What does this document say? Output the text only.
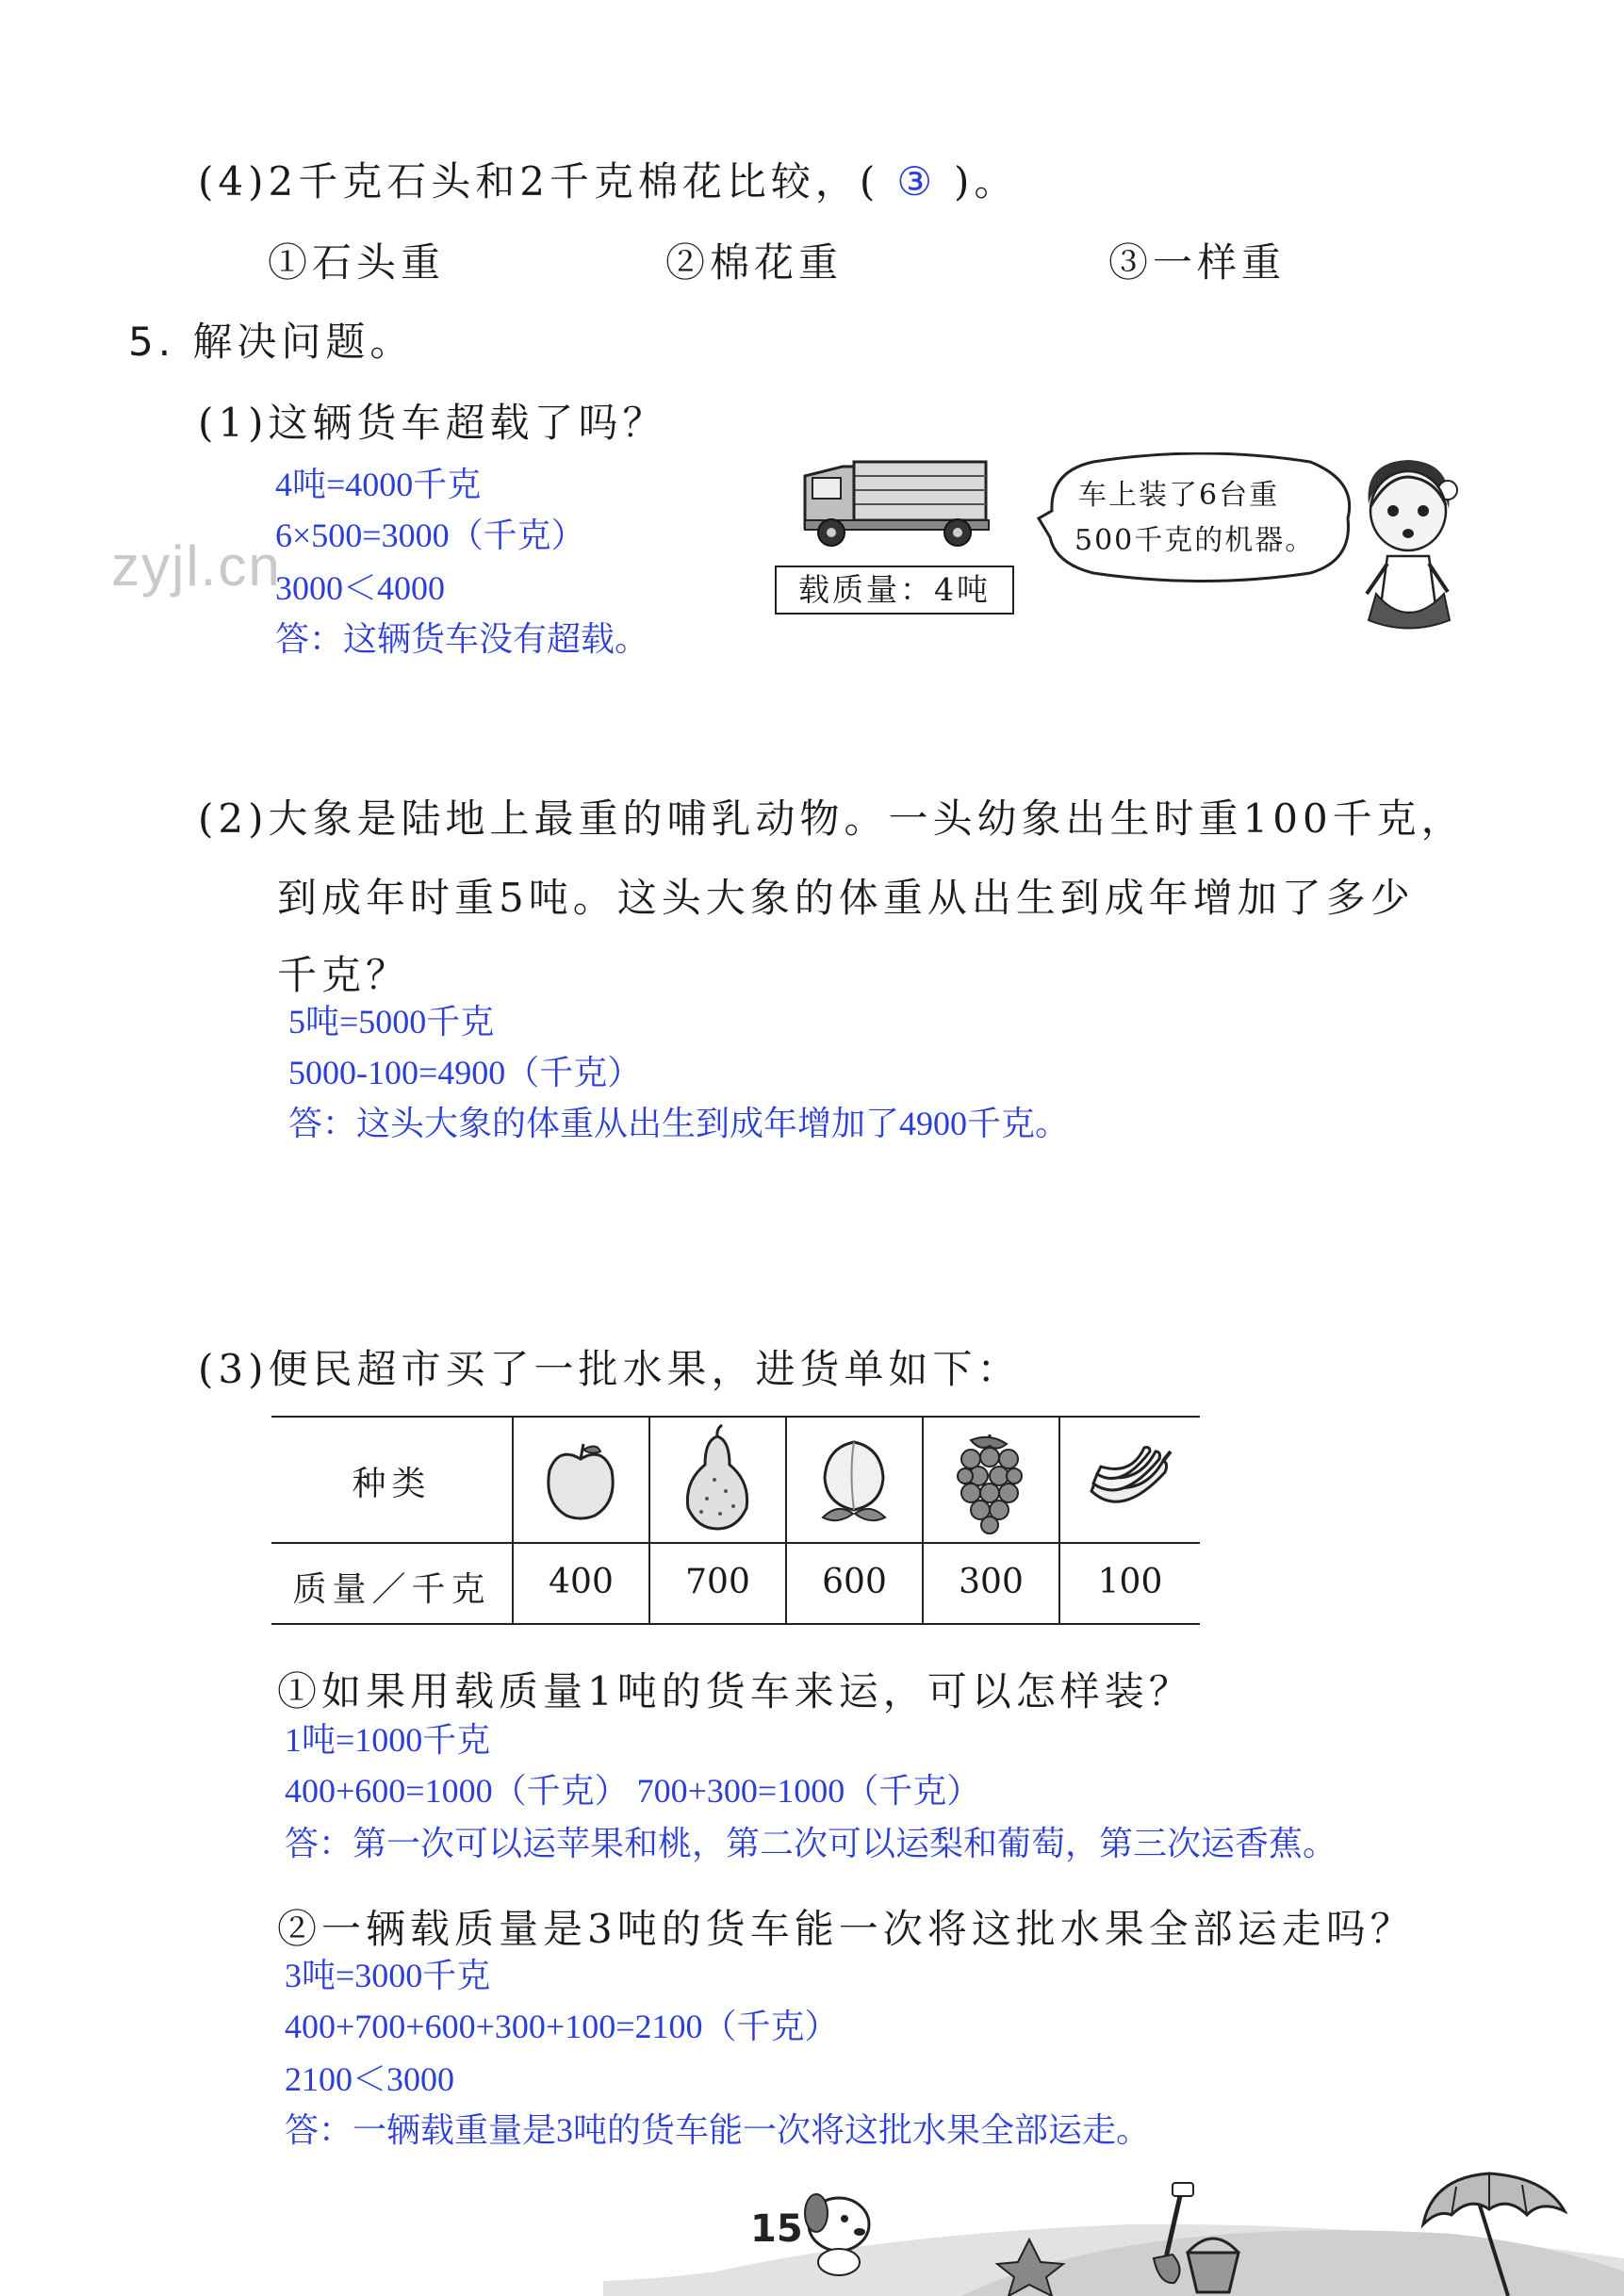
zyjl.cn
(4)2千克石头和2千克棉花比较，( ③ )。
①石头重	②棉花重	③一样重
5. 解决问题。
(1)这辆货车超载了吗？
4吨=4000千克
6×500=3000（千克）
3000＜4000
答：这辆货车没有超载。
载质量：4吨
车上装了6台重
500千克的机器。
(2)大象是陆地上最重的哺乳动物。一头幼象出生时重100千克，
到成年时重5吨。这头大象的体重从出生到成年增加了多少
千克？
5吨=5000千克
5000-100=4900（千克）
答：这头大象的体重从出生到成年增加了4900千克。
(3)便民超市买了一批水果，进货单如下：
种类
质量／千克	400	700	600	300	100
①如果用载质量1吨的货车来运，可以怎样装？
1吨=1000千克
400+600=1000（千克） 700+300=1000（千克）
答：第一次可以运苹果和桃，第二次可以运梨和葡萄，第三次运香蕉。
②一辆载质量是3吨的货车能一次将这批水果全部运走吗？
3吨=3000千克
400+700+600+300+100=2100（千克）
2100＜3000
答：一辆载重量是3吨的货车能一次将这批水果全部运走。
15
